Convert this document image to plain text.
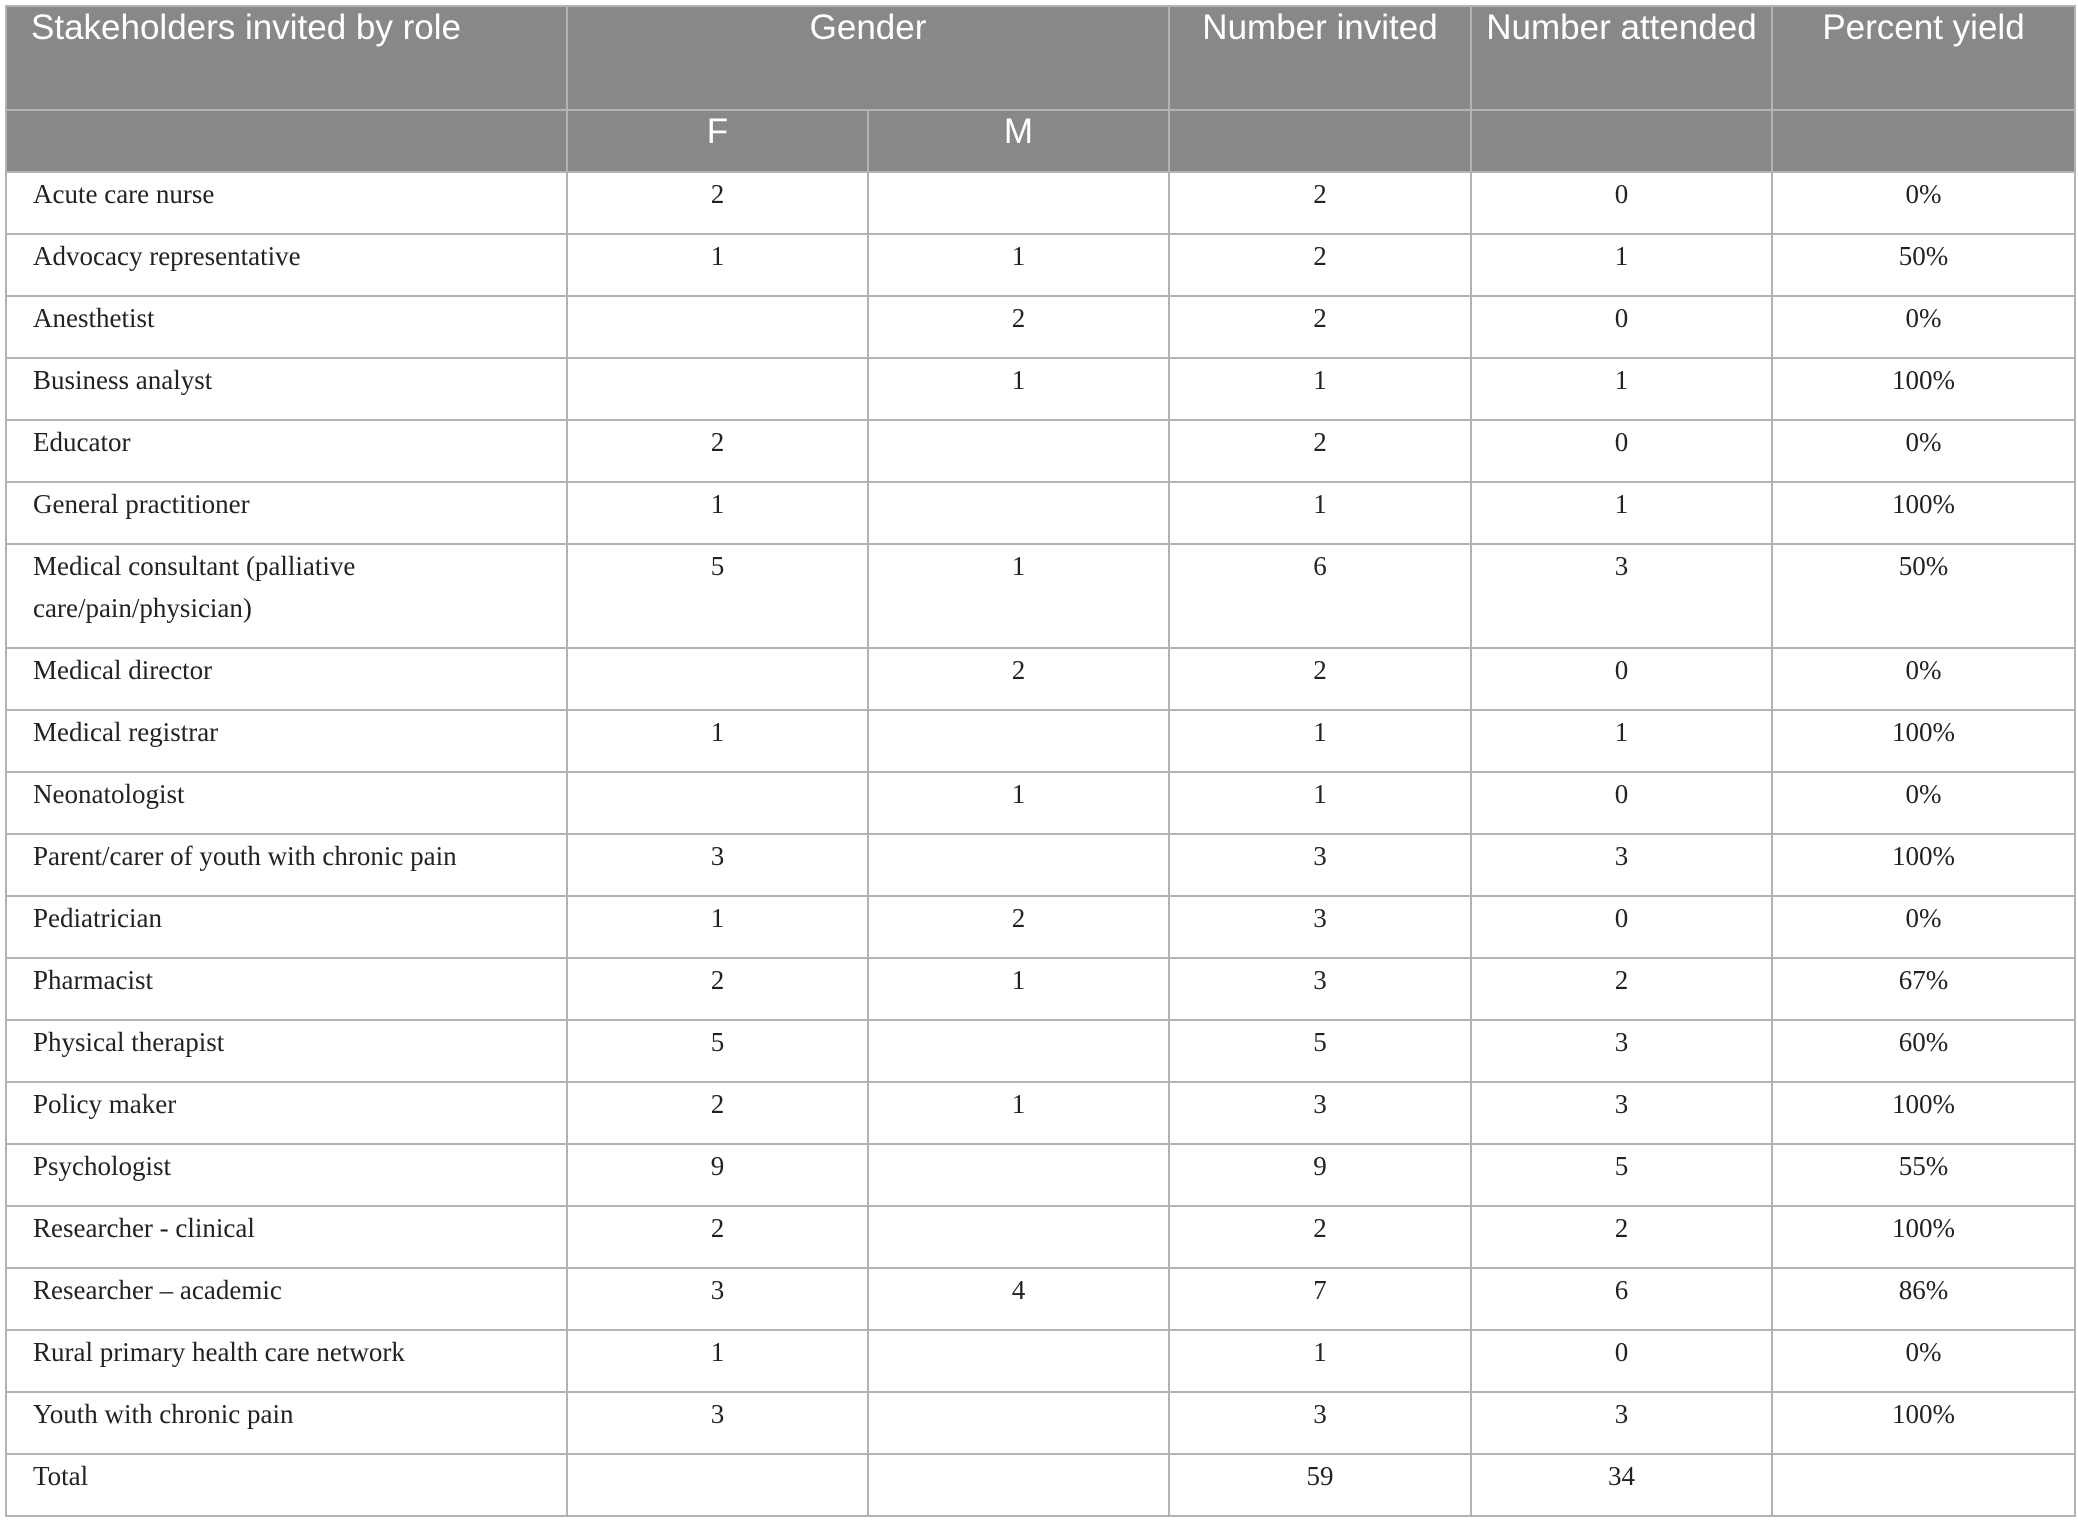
Stakeholders invited by role	Gender		Number invited	Number attended	Percent yield
	F	M			
Acute care nurse	2		2	0	0%
Advocacy representative	1	1	2	1	50%
Anesthetist		2	2	0	0%
Business analyst		1	1	1	100%
Educator	2		2	0	0%
General practitioner	1		1	1	100%
Medical consultant (palliative care/pain/physician)	5	1	6	3	50%
Medical director		2	2	0	0%
Medical registrar	1		1	1	100%
Neonatologist		1	1	0	0%
Parent/carer of youth with chronic pain	3		3	3	100%
Pediatrician	1	2	3	0	0%
Pharmacist	2	1	3	2	67%
Physical therapist	5		5	3	60%
Policy maker	2	1	3	3	100%
Psychologist	9		9	5	55%
Researcher - clinical	2		2	2	100%
Researcher – academic	3	4	7	6	86%
Rural primary health care network	1		1	0	0%
Youth with chronic pain	3		3	3	100%
Total			59	34	
